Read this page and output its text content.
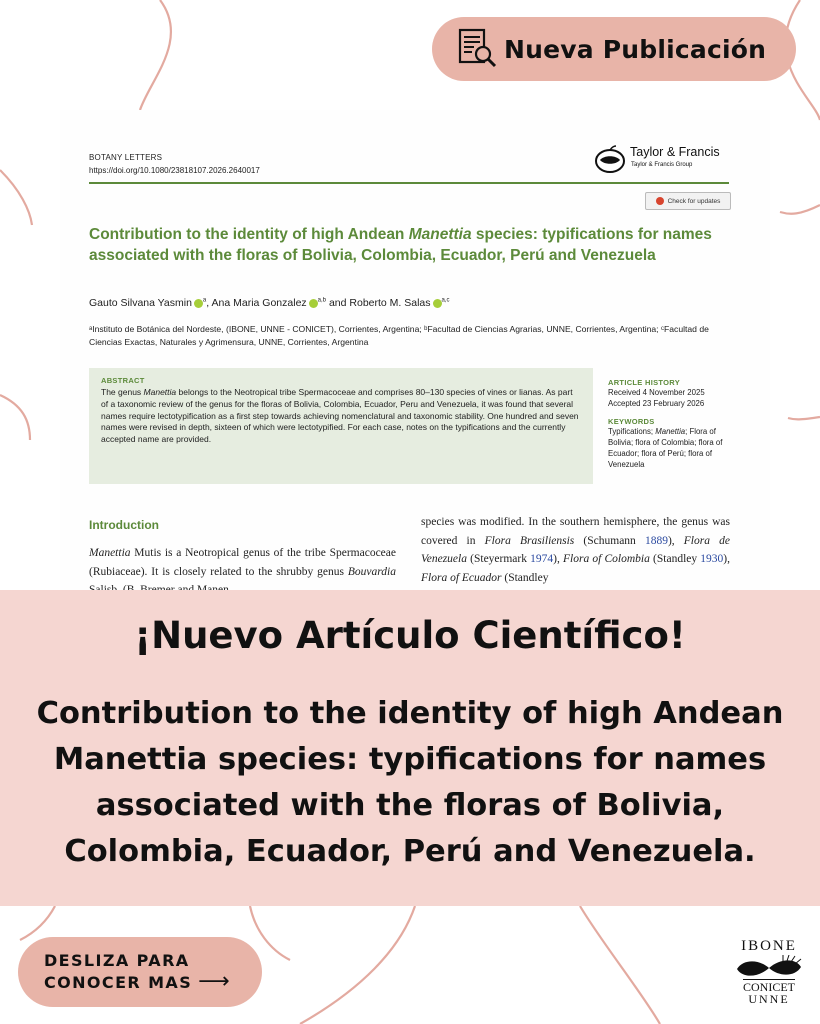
Nueva Publicación
BOTANY LETTERS
https://doi.org/10.1080/23818107.2026.2640017
Taylor & Francis
Taylor & Francis Group
Check for updates
Contribution to the identity of high Andean Manettia species: typifications for names associated with the floras of Bolivia, Colombia, Ecuador, Perú and Venezuela
Gauto Silvana Yasmin $^a$, Ana Maria Gonzalez $^{a,b}$ and Roberto M. Salas $^{a,c}$
ᵃInstituto de Botánica del Nordeste, (IBONE, UNNE - CONICET), Corrientes, Argentina; ᵇFacultad de Ciencias Agrarias, UNNE, Corrientes, Argentina; ᶜFacultad de Ciencias Exactas, Naturales y Agrimensura, UNNE, Corrientes, Argentina
ABSTRACT
The genus Manettia belongs to the Neotropical tribe Spermacoceae and comprises 80–130 species of vines or lianas. As part of a taxonomic review of the genus for the floras of Bolivia, Colombia, Ecuador, Peru and Venezuela, it was found that several names require lectotypification as a first step towards achieving nomenclatural and taxonomic stability. One hundred and seven names were revised in depth, sixteen of which were lectotypified. For each case, notes on the typifications and the currently accepted name are provided.
ARTICLE HISTORY
Received 4 November 2025
Accepted 23 February 2026
KEYWORDS
Typifications; Manettia; Flora of Bolivia; flora of Colombia; flora of Ecuador; flora of Perú; flora of Venezuela
Introduction
Manettia Mutis is a Neotropical genus of the tribe Spermacoceae (Rubiaceae). It is closely related to the shrubby genus Bouvardia
species was modified. In the southern hemisphere, the genus was covered in Flora Brasiliensis (Schumann 1889), Flora de Venezuela (Steyermark 1974), Flora of Colombia (Standley 1930), Flora of Ecuador (Standley
¡Nuevo Artículo Científico!
Contribution to the identity of high Andean Manettia species: typifications for names associated with the floras of Bolivia, Colombia, Ecuador, Perú and Venezuela.
DESLIZA PARA
CONOCER MAS ⟶
IBONE
CONICET
UNNE
